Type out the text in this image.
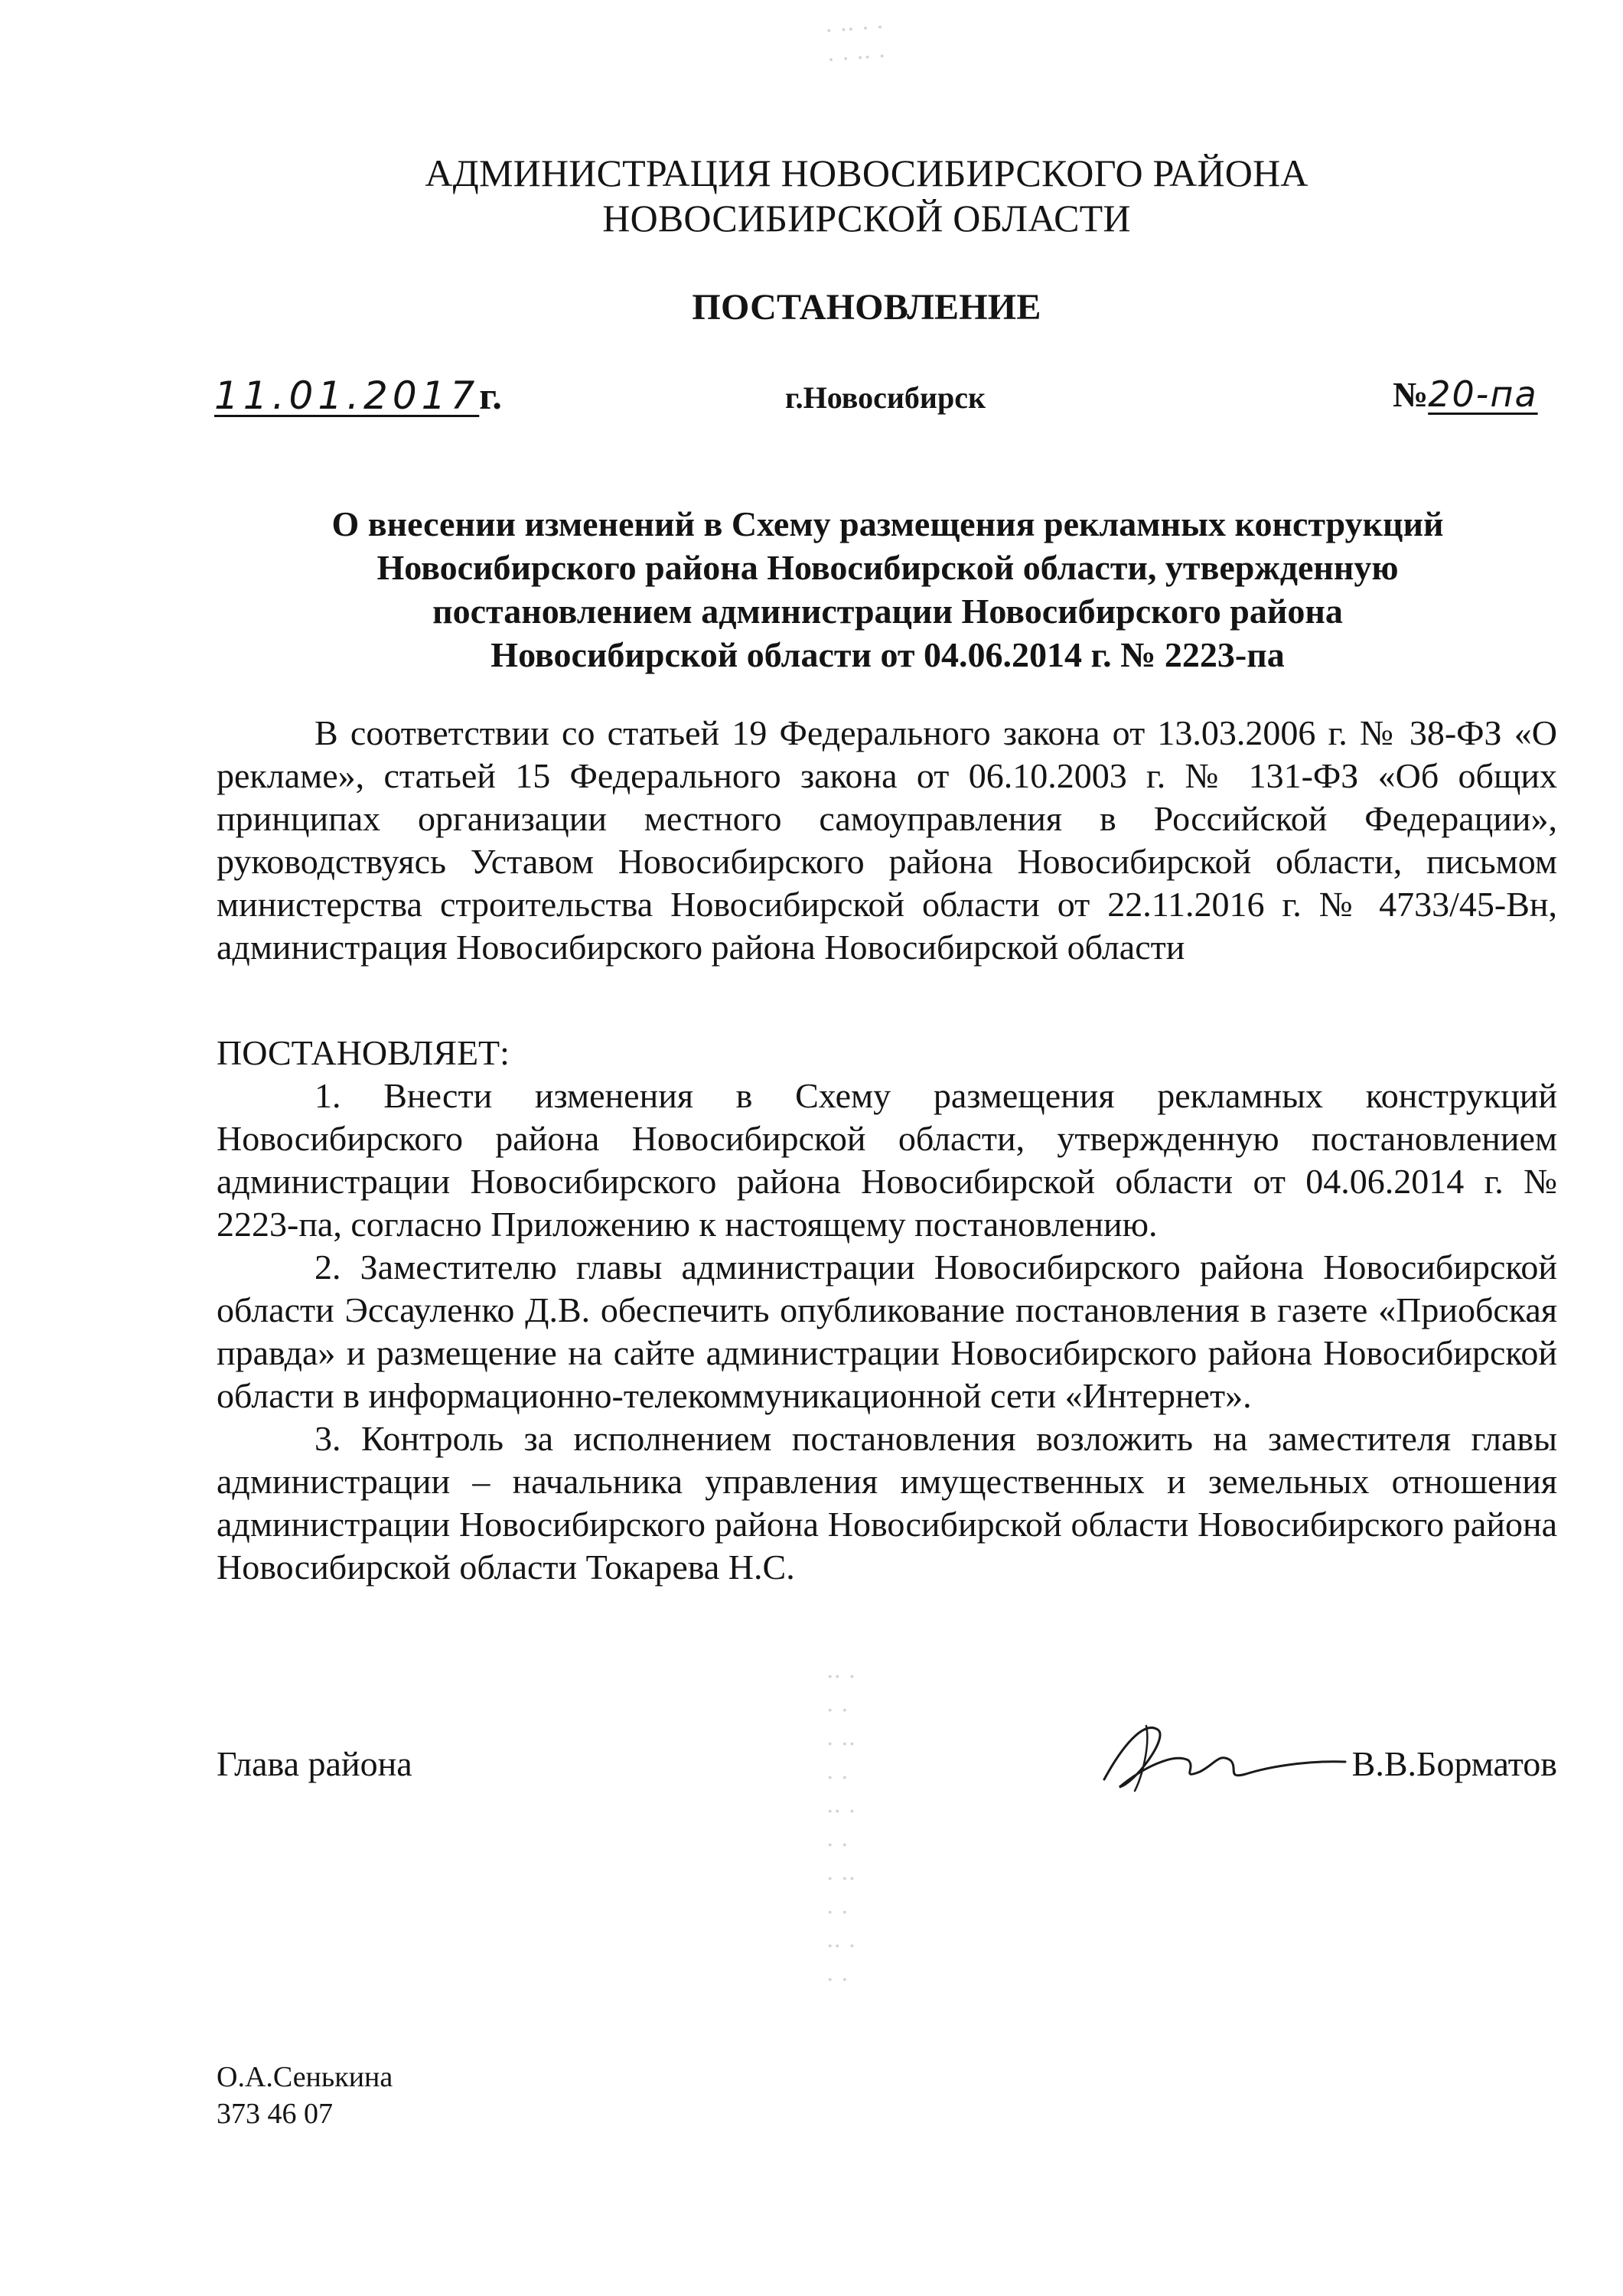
· ·· · ·
· · ·· ·
·· ·
· ·
· ··
· ·
·· ·
· ·
· ··
· ·
·· ·
· ·
АДМИНИСТРАЦИЯ НОВОСИБИРСКОГО РАЙОНА
НОВОСИБИРСКОЙ ОБЛАСТИ
ПОСТАНОВЛЕНИЕ
11.01.2017г.	г.Новосибирск	№20-па
О внесении изменений в Схему размещения рекламных конструкций
Новосибирского района Новосибирской области, утвержденную
постановлением администрации Новосибирского района
Новосибирской области от 04.06.2014 г. № 2223-па

В соответствии со статьей 19 Федерального закона от 13.03.2006 г. № 38-ФЗ «О рекламе», статьей 15 Федерального закона от 06.10.2003 г. № 131-ФЗ «Об общих принципах организации местного самоуправления в Российской Федерации», руководствуясь Уставом Новосибирского района Новосибирской области, письмом министерства строительства Новосибирской области от 22.11.2016 г. № 4733/45-Вн, администрация Новосибирского района Новосибирской области

ПОСТАНОВЛЯЕТ:

1. Внести изменения в Схему размещения рекламных конструкций Новосибирского района Новосибирской области, утвержденную постановлением администрации Новосибирского района Новосибирской области от 04.06.2014 г. № 2223-па, согласно Приложению к настоящему постановлению.

2. Заместителю главы администрации Новосибирского района Новосибирской области Эссауленко Д.В. обеспечить опубликование постановления в газете «Приобская правда» и размещение на сайте администрации Новосибирского района Новосибирской области в информационно-телекоммуникационной сети «Интернет».

3. Контроль за исполнением постановления возложить на заместителя главы администрации – начальника управления имущественных и земельных отношения администрации Новосибирского района Новосибирской области Новосибирского района Новосибирской области Токарева Н.С.

Глава района	В.В.Борматов
О.А.Сенькина
373 46 07
